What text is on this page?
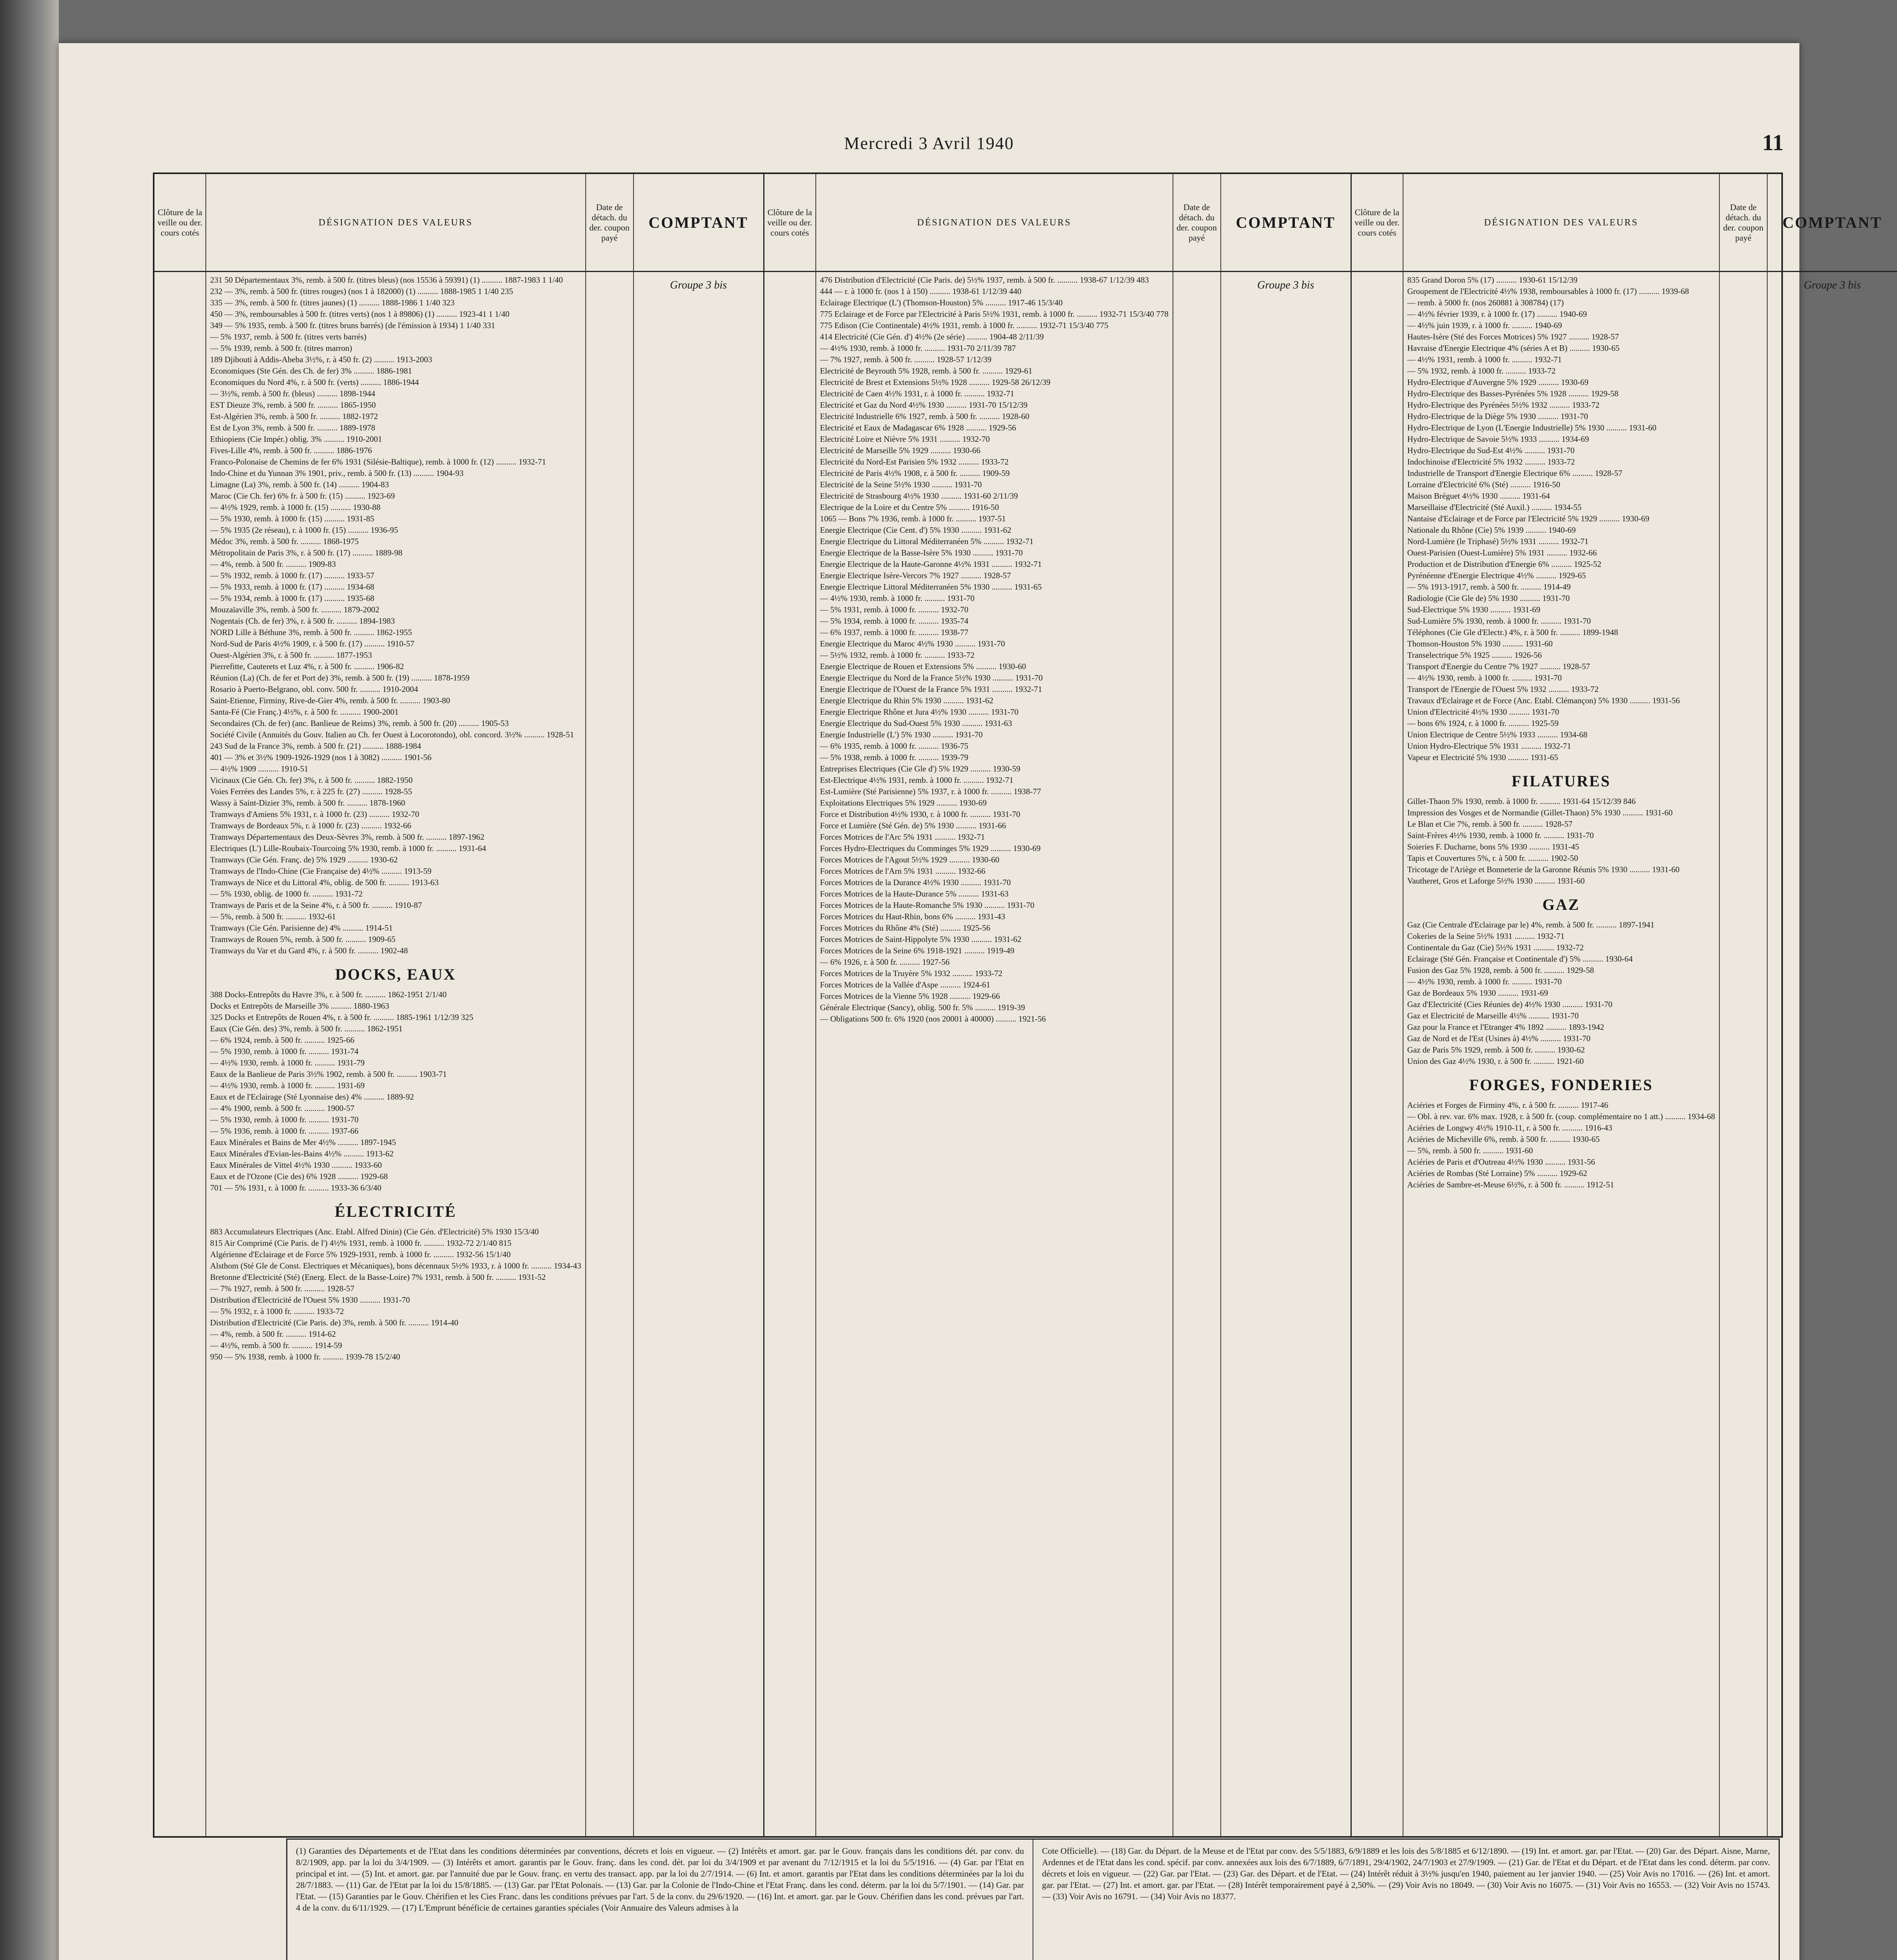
Mercredi 3 Avril 1940	11
Clôture de la veille ou der. cours cotés
DÉSIGNATION DES VALEURS
231 50 Départementaux 3%, remb. à 500 fr. (titres bleus) (nos 15536 à 59391) (1) .......... 1887-1983 1 1/40
232 — 3%, remb. à 500 fr. (titres rouges) (nos 1 à 182000) (1) .......... 1888-1985 1 1/40 235
335 — 3%, remb. à 500 fr. (titres jaunes) (1) .......... 1888-1986 1 1/40 323
450 — 3%, remboursables à 500 fr. (titres verts) (nos 1 à 89806) (1) .......... 1923-41 1 1/40
349 — 5% 1935, remb. à 500 fr. (titres bruns barrés) (de l'émission à 1934) 1 1/40 331
— 5% 1937, remb. à 500 fr. (titres verts barrés)
— 5% 1939, remb. à 500 fr. (titres marron)
189 Djibouti à Addis-Abeba 3½%, r. à 450 fr. (2) .......... 1913-2003
Economiques (Ste Gén. des Ch. de fer) 3% .......... 1886-1981
Economiques du Nord 4%, r. à 500 fr. (verts) .......... 1886-1944
— 3½%, remb. à 500 fr. (bleus) .......... 1898-1944
EST Dieuze 3%, remb. à 500 fr. .......... 1865-1950
Est-Algérien 3%, remb. à 500 fr. .......... 1882-1972
Est de Lyon 3%, remb. à 500 fr. .......... 1889-1978
Ethiopiens (Cie Impér.) oblig. 3% .......... 1910-2001
Fives-Lille 4%, remb. à 500 fr. .......... 1886-1976
Franco-Polonaise de Chemins de fer 6% 1931 (Silésie-Baltique), remb. à 1000 fr. (12) .......... 1932-71
Indo-Chine et du Yunnan 3% 1901, priv., remb. à 500 fr. (13) .......... 1904-93
Limagne (La) 3%, remb. à 500 fr. (14) .......... 1904-83
Maroc (Cie Ch. fer) 6% fr. à 500 fr. (15) .......... 1923-69
— 4½% 1929, remb. à 1000 fr. (15) .......... 1930-88
— 5% 1930, remb. à 1000 fr. (15) .......... 1931-85
— 5% 1935 (2e réseau), r. à 1000 fr. (15) .......... 1936-95
Médoc 3%, remb. à 500 fr. .......... 1868-1975
Métropolitain de Paris 3%, r. à 500 fr. (17) .......... 1889-98
— 4%, remb. à 500 fr. .......... 1909-83
— 5% 1932, remb. à 1000 fr. (17) .......... 1933-57
— 5% 1933, remb. à 1000 fr. (17) .......... 1934-68
— 5% 1934, remb. à 1000 fr. (17) .......... 1935-68
Mouzaïaville 3%, remb. à 500 fr. .......... 1879-2002
Nogentais (Ch. de fer) 3%, r. à 500 fr. .......... 1894-1983
NORD Lille à Béthune 3%, remb. à 500 fr. .......... 1862-1955
Nord-Sud de Paris 4½% 1909, r. à 500 fr. (17) .......... 1910-57
Ouest-Algérien 3%, r. à 500 fr. .......... 1877-1953
Pierrefitte, Cauterets et Luz 4%, r. à 500 fr. .......... 1906-82
Réunion (La) (Ch. de fer et Port de) 3%, remb. à 500 fr. (19) .......... 1878-1959
Rosario à Puerto-Belgrano, obl. conv. 500 fr. .......... 1910-2004
Saint-Etienne, Firminy, Rive-de-Gier 4%, remb. à 500 fr. .......... 1903-80
Santa-Fé (Cie Franç.) 4½%, r. à 500 fr. .......... 1900-2001
Secondaires (Ch. de fer) (anc. Banlieue de Reims) 3%, remb. à 500 fr. (20) .......... 1905-53
Société Civile (Annuités du Gouv. Italien au Ch. fer Ouest à Locorotondo), obl. concord. 3½% .......... 1928-51
243 Sud de la France 3%, remb. à 500 fr. (21) .......... 1888-1984
401 — 3% et 3½% 1909-1926-1929 (nos 1 à 3082) .......... 1901-56
— 4½% 1909 .......... 1910-51
Vicinaux (Cie Gén. Ch. fer) 3%, r. à 500 fr. .......... 1882-1950
Voies Ferrées des Landes 5%, r. à 225 fr. (27) .......... 1928-55
Wassy à Saint-Dizier 3%, remb. à 500 fr. .......... 1878-1960
Tramways d'Amiens 5% 1931, r. à 1000 fr. (23) .......... 1932-70
Tramways de Bordeaux 5%, r. à 1000 fr. (23) .......... 1932-66
Tramways Départementaux des Deux-Sèvres 3%, remb. à 500 fr. .......... 1897-1962
Electriques (L') Lille-Roubaix-Tourcoing 5% 1930, remb. à 1000 fr. .......... 1931-64
Tramways (Cie Gén. Franç. de) 5% 1929 .......... 1930-62
Tramways de l'Indo-Chine (Cie Française de) 4½% .......... 1913-59
Tramways de Nice et du Littoral 4%, oblig. de 500 fr. .......... 1913-63
— 5% 1930, oblig. de 1000 fr. .......... 1931-72
Tramways de Paris et de la Seine 4%, r. à 500 fr. .......... 1910-87
— 5%, remb. à 500 fr. .......... 1932-61
Tramways (Cie Gén. Parisienne de) 4% .......... 1914-51
Tramways de Rouen 5%, remb. à 500 fr. .......... 1909-65
Tramways du Var et du Gard 4%, r. à 500 fr. .......... 1902-48
DOCKS, EAUX
388 Docks-Entrepôts du Havre 3%, r. à 500 fr. .......... 1862-1951 2/1/40
Docks et Entrepôts de Marseille 3% .......... 1880-1963
325 Docks et Entrepôts de Rouen 4%, r. à 500 fr. .......... 1885-1961 1/12/39 325
Eaux (Cie Gén. des) 3%, remb. à 500 fr. .......... 1862-1951
— 6% 1924, remb. à 500 fr. .......... 1925-66
— 5% 1930, remb. à 1000 fr. .......... 1931-74
— 4½% 1930, remb. à 1000 fr. .......... 1931-79
Eaux de la Banlieue de Paris 3½% 1902, remb. à 500 fr. .......... 1903-71
— 4½% 1930, remb. à 1000 fr. .......... 1931-69
Eaux et de l'Eclairage (Sté Lyonnaise des) 4% .......... 1889-92
— 4% 1900, remb. à 500 fr. .......... 1900-57
— 5% 1930, remb. à 1000 fr. .......... 1931-70
— 5% 1936, remb. à 1000 fr. .......... 1937-66
Eaux Minérales et Bains de Mer 4½% .......... 1897-1945
Eaux Minérales d'Evian-les-Bains 4½% .......... 1913-62
Eaux Minérales de Vittel 4½% 1930 .......... 1933-60
Eaux et de l'Ozone (Cie des) 6% 1928 .......... 1929-68
701 — 5% 1931, r. à 1000 fr. .......... 1933-36 6/3/40
ÉLECTRICITÉ
883 Accumulateurs Electriques (Anc. Etabl. Alfred Dinin) (Cie Gén. d'Electricité) 5% 1930 15/3/40
815 Air Comprimé (Cie Paris. de l') 4½% 1931, remb. à 1000 fr. .......... 1932-72 2/1/40 815
Algérienne d'Eclairage et de Force 5% 1929-1931, remb. à 1000 fr. .......... 1932-56 15/1/40
Alsthom (Sté Gle de Const. Electriques et Mécaniques), bons décennaux 5½% 1933, r. à 1000 fr. .......... 1934-43
Bretonne d'Electricité (Sté) (Energ. Elect. de la Basse-Loire) 7% 1931, remb. à 500 fr. .......... 1931-52
— 7% 1927, remb. à 500 fr. .......... 1928-57
Distribution d'Electricité de l'Ouest 5% 1930 .......... 1931-70
— 5% 1932, r. à 1000 fr. .......... 1933-72
Distribution d'Electricité (Cie Paris. de) 3%, remb. à 500 fr. .......... 1914-40
— 4%, remb. à 500 fr. .......... 1914-62
— 4½%, remb. à 500 fr. .......... 1914-59
950 — 5% 1938, remb. à 1000 fr. .......... 1939-78 15/2/40
Date de détach. du der. coupon payé
COMPTANT
Groupe 3 bis
Clôture de la veille ou der. cours cotés
DÉSIGNATION DES VALEURS
476 Distribution d'Electricité (Cie Paris. de) 5½% 1937, remb. à 500 fr. .......... 1938-67 1/12/39 483
444 — r. à 1000 fr. (nos 1 à 150) .......... 1938-61 1/12/39 440
Eclairage Electrique (L') (Thomson-Houston) 5% .......... 1917-46 15/3/40
775 Eclairage et de Force par l'Electricité à Paris 5½% 1931, remb. à 1000 fr. .......... 1932-71 15/3/40 778
775 Edison (Cie Continentale) 4½% 1931, remb. à 1000 fr. .......... 1932-71 15/3/40 775
414 Electricité (Cie Gén. d') 4½% (2e série) .......... 1904-48 2/11/39
— 4½% 1930, remb. à 1000 fr. .......... 1931-70 2/11/39 787
— 7% 1927, remb. à 500 fr. .......... 1928-57 1/12/39
Electricité de Beyrouth 5% 1928, remb. à 500 fr. .......... 1929-61
Electricité de Brest et Extensions 5½% 1928 .......... 1929-58 26/12/39
Electricité de Caen 4½% 1931, r. à 1000 fr. .......... 1932-71
Electricité et Gaz du Nord 4½% 1930 .......... 1931-70 15/12/39
Electricité Industrielle 6% 1927, remb. à 500 fr. .......... 1928-60
Electricité et Eaux de Madagascar 6% 1928 .......... 1929-56
Electricité Loire et Nièvre 5% 1931 .......... 1932-70
Electricité de Marseille 5% 1929 .......... 1930-66
Electricité du Nord-Est Parisien 5% 1932 .......... 1933-72
Electricité de Paris 4½% 1908, r. à 500 fr. .......... 1909-59
Electricité de la Seine 5½% 1930 .......... 1931-70
Electricité de Strasbourg 4½% 1930 .......... 1931-60 2/11/39
Electrique de la Loire et du Centre 5% .......... 1916-50
1065 — Bons 7% 1936, remb. à 1000 fr. .......... 1937-51
Energie Electrique (Cie Cent. d') 5% 1930 .......... 1931-62
Energie Electrique du Littoral Méditerranéen 5% .......... 1932-71
Energie Electrique de la Basse-Isère 5% 1930 .......... 1931-70
Energie Electrique de la Haute-Garonne 4½% 1931 .......... 1932-71
Energie Electrique Isère-Vercors 7% 1927 .......... 1928-57
Energie Electrique Littoral Méditerranéen 5% 1930 .......... 1931-65
— 4½% 1930, remb. à 1000 fr. .......... 1931-70
— 5% 1931, remb. à 1000 fr. .......... 1932-70
— 5% 1934, remb. à 1000 fr. .......... 1935-74
— 6% 1937, remb. à 1000 fr. .......... 1938-77
Energie Electrique du Maroc 4½% 1930 .......... 1931-70
— 5½% 1932, remb. à 1000 fr. .......... 1933-72
Energie Electrique de Rouen et Extensions 5% .......... 1930-60
Energie Electrique du Nord de la France 5½% 1930 .......... 1931-70
Energie Electrique de l'Ouest de la France 5% 1931 .......... 1932-71
Energie Electrique du Rhin 5% 1930 .......... 1931-62
Energie Electrique Rhône et Jura 4½% 1930 .......... 1931-70
Energie Electrique du Sud-Ouest 5% 1930 .......... 1931-63
Energie Industrielle (L') 5% 1930 .......... 1931-70
— 6% 1935, remb. à 1000 fr. .......... 1936-75
— 5% 1938, remb. à 1000 fr. .......... 1939-79
Entreprises Electriques (Cie Gle d') 5% 1929 .......... 1930-59
Est-Electrique 4½% 1931, remb. à 1000 fr. .......... 1932-71
Est-Lumière (Sté Parisienne) 5% 1937, r. à 1000 fr. .......... 1938-77
Exploitations Electriques 5% 1929 .......... 1930-69
Force et Distribution 4½% 1930, r. à 1000 fr. .......... 1931-70
Force et Lumière (Sté Gén. de) 5% 1930 .......... 1931-66
Forces Motrices de l'Arc 5% 1931 .......... 1932-71
Forces Hydro-Electriques du Comminges 5% 1929 .......... 1930-69
Forces Motrices de l'Agout 5½% 1929 .......... 1930-60
Forces Motrices de l'Arn 5% 1931 .......... 1932-66
Forces Motrices de la Durance 4½% 1930 .......... 1931-70
Forces Motrices de la Haute-Durance 5% .......... 1931-63
Forces Motrices de la Haute-Romanche 5% 1930 .......... 1931-70
Forces Motrices du Haut-Rhin, bons 6% .......... 1931-43
Forces Motrices du Rhône 4% (Sté) .......... 1925-56
Forces Motrices de Saint-Hippolyte 5% 1930 .......... 1931-62
Forces Motrices de la Seine 6% 1918-1921 .......... 1919-49
— 6% 1926, r. à 500 fr. .......... 1927-56
Forces Motrices de la Truyère 5% 1932 .......... 1933-72
Forces Motrices de la Vallée d'Aspe .......... 1924-61
Forces Motrices de la Vienne 5% 1928 .......... 1929-66
Générale Electrique (Sancy), oblig. 500 fr. 5% .......... 1919-39
— Obligations 500 fr. 6% 1920 (nos 20001 à 40000) .......... 1921-56
Date de détach. du der. coupon payé
COMPTANT
Groupe 3 bis
Clôture de la veille ou der. cours cotés
DÉSIGNATION DES VALEURS
835 Grand Doron 5% (17) .......... 1930-61 15/12/39
Groupement de l'Electricité 4½% 1938, remboursables à 1000 fr. (17) .......... 1939-68
— remb. à 5000 fr. (nos 260881 à 308784) (17)
— 4½% février 1939, r. à 1000 fr. (17) .......... 1940-69
— 4½% juin 1939, r. à 1000 fr. .......... 1940-69
Hautes-Isère (Sté des Forces Motrices) 5% 1927 .......... 1928-57
Havraise d'Energie Electrique 4% (séries A et B) .......... 1930-65
— 4½% 1931, remb. à 1000 fr. .......... 1932-71
— 5% 1932, remb. à 1000 fr. .......... 1933-72
Hydro-Electrique d'Auvergne 5% 1929 .......... 1930-69
Hydro-Electrique des Basses-Pyrénées 5% 1928 .......... 1929-58
Hydro-Electrique des Pyrénées 5½% 1932 .......... 1933-72
Hydro-Electrique de la Diège 5% 1930 .......... 1931-70
Hydro-Electrique de Lyon (L'Energie Industrielle) 5% 1930 .......... 1931-60
Hydro-Electrique de Savoie 5½% 1933 .......... 1934-69
Hydro-Electrique du Sud-Est 4½% .......... 1931-70
Indochinoise d'Electricité 5% 1932 .......... 1933-72
Industrielle de Transport d'Energie Electrique 6% .......... 1928-57
Lorraine d'Electricité 6% (Sté) .......... 1916-50
Maison Bréguet 4½% 1930 .......... 1931-64
Marseillaise d'Electricité (Sté Auxil.) .......... 1934-55
Nantaise d'Eclairage et de Force par l'Electricité 5% 1929 .......... 1930-69
Nationale du Rhône (Cie) 5% 1939 .......... 1940-69
Nord-Lumière (le Triphasé) 5½% 1931 .......... 1932-71
Ouest-Parisien (Ouest-Lumière) 5% 1931 .......... 1932-66
Production et de Distribution d'Energie 6% .......... 1925-52
Pyrénéenne d'Energie Electrique 4½% .......... 1929-65
— 5% 1913-1917, remb. à 500 fr. .......... 1914-49
Radiologie (Cie Gle de) 5% 1930 .......... 1931-70
Sud-Electrique 5% 1930 .......... 1931-69
Sud-Lumière 5% 1930, remb. à 1000 fr. .......... 1931-70
Téléphones (Cie Gle d'Electr.) 4%, r. à 500 fr. .......... 1899-1948
Thomson-Houston 5% 1930 .......... 1931-60
Transelectrique 5% 1925 .......... 1926-56
Transport d'Energie du Centre 7% 1927 .......... 1928-57
— 4½% 1930, remb. à 1000 fr. .......... 1931-70
Transport de l'Energie de l'Ouest 5% 1932 .......... 1933-72
Travaux d'Eclairage et de Force (Anc. Etabl. Clémançon) 5% 1930 .......... 1931-56
Union d'Electricité 4½% 1930 .......... 1931-70
— bons 6% 1924, r. à 1000 fr. .......... 1925-59
Union Electrique de Centre 5½% 1933 .......... 1934-68
Union Hydro-Electrique 5% 1931 .......... 1932-71
Vapeur et Electricité 5% 1930 .......... 1931-65
FILATURES
Gillet-Thaon 5% 1930, remb. à 1000 fr. .......... 1931-64 15/12/39 846
Impression des Vosges et de Normandie (Gillet-Thaon) 5% 1930 .......... 1931-60
Le Blan et Cie 7%, remb. à 500 fr. .......... 1928-57
Saint-Frères 4½% 1930, remb. à 1000 fr. .......... 1931-70
Soieries F. Ducharne, bons 5% 1930 .......... 1931-45
Tapis et Couvertures 5%, r. à 500 fr. .......... 1902-50
Tricotage de l'Ariège et Bonneterie de la Garonne Réunis 5% 1930 .......... 1931-60
Vautheret, Gros et Laforge 5½% 1930 .......... 1931-60
GAZ
Gaz (Cie Centrale d'Eclairage par le) 4%, remb. à 500 fr. .......... 1897-1941
Cokeries de la Seine 5½% 1931 .......... 1932-71
Continentale du Gaz (Cie) 5½% 1931 .......... 1932-72
Eclairage (Sté Gén. Française et Continentale d') 5% .......... 1930-64
Fusion des Gaz 5% 1928, remb. à 500 fr. .......... 1929-58
— 4½% 1930, remb. à 1000 fr. .......... 1931-70
Gaz de Bordeaux 5% 1930 .......... 1931-69
Gaz d'Electricité (Cies Réunies de) 4½% 1930 .......... 1931-70
Gaz et Electricité de Marseille 4½% .......... 1931-70
Gaz pour la France et l'Etranger 4% 1892 .......... 1893-1942
Gaz de Nord et de l'Est (Usines à) 4½% .......... 1931-70
Gaz de Paris 5% 1929, remb. à 500 fr. .......... 1930-62
Union des Gaz 4½% 1930, r. à 500 fr. .......... 1921-60
FORGES, FONDERIES
Aciéries et Forges de Firminy 4%, r. à 500 fr. .......... 1917-46
— Obl. à rev. var. 6% max. 1928, r. à 500 fr. (coup. complémentaire no 1 att.) .......... 1934-68
Aciéries de Longwy 4½% 1910-11, r. à 500 fr. .......... 1916-43
Aciéries de Micheville 6%, remb. à 500 fr. .......... 1930-65
— 5%, remb. à 500 fr. .......... 1931-60
Aciéries de Paris et d'Outreau 4½% 1930 .......... 1931-56
Aciéries de Rombas (Sté Lorraine) 5% .......... 1929-62
Aciéries de Sambre-et-Meuse 6½%, r. à 500 fr. .......... 1912-51
Date de détach. du der. coupon payé
COMPTANT
Groupe 3 bis
(1) Garanties des Départements et de l'Etat dans les conditions déterminées par conventions, décrets et lois en vigueur. — (2) Intérêts et amort. gar. par le Gouv. français dans les conditions dét. par conv. du 8/2/1909, app. par la loi du 3/4/1909. — (3) Intérêts et amort. garantis par le Gouv. franç. dans les cond. dét. par loi du 3/4/1909 et par avenant du 7/12/1915 et la loi du 5/5/1916. — (4) Gar. par l'Etat en principal et int. — (5) Int. et amort. gar. par l'annuité due par le Gouv. franç. en vertu des transact. app. par la loi du 2/7/1914. — (6) Int. et amort. garantis par l'Etat dans les conditions déterminées par la loi du 28/7/1883. — (11) Gar. de l'Etat par la loi du 15/8/1885. — (13) Gar. par l'Etat Polonais. — (13) Gar. par la Colonie de l'Indo-Chine et l'Etat Franç. dans les cond. déterm. par la loi du 5/7/1901. — (14) Gar. par l'Etat. — (15) Garanties par le Gouv. Chérifien et les Cies Franc. dans les conditions prévues par l'art. 5 de la conv. du 29/6/1920. — (16) Int. et amort. gar. par le Gouv. Chérifien dans les cond. prévues par l'art. 4 de la conv. du 6/11/1929. — (17) L'Emprunt bénéficie de certaines garanties spéciales (Voir Annuaire des Valeurs admises à la
Cote Officielle). — (18) Gar. du Départ. de la Meuse et de l'Etat par conv. des 5/5/1883, 6/9/1889 et les lois des 5/8/1885 et 6/12/1890. — (19) Int. et amort. gar. par l'Etat. — (20) Gar. des Départ. Aisne, Marne, Ardennes et de l'Etat dans les cond. spécif. par conv. annexées aux lois des 6/7/1889, 6/7/1891, 29/4/1902, 24/7/1903 et 27/9/1909. — (21) Gar. de l'Etat et du Départ. et de l'Etat dans les cond. déterm. par conv. décrets et lois en vigueur. — (22) Gar. par l'Etat. — (23) Gar. des Départ. et de l'Etat. — (24) Intérêt réduit à 3½% jusqu'en 1940, paiement au 1er janvier 1940. — (25) Voir Avis no 17016. — (26) Int. et amort. gar. par l'Etat. — (27) Int. et amort. gar. par l'Etat. — (28) Intérêt temporairement payé à 2,50%. — (29) Voir Avis no 18049. — (30) Voir Avis no 16075. — (31) Voir Avis no 16553. — (32) Voir Avis no 15743. — (33) Voir Avis no 16791. — (34) Voir Avis no 18377.
